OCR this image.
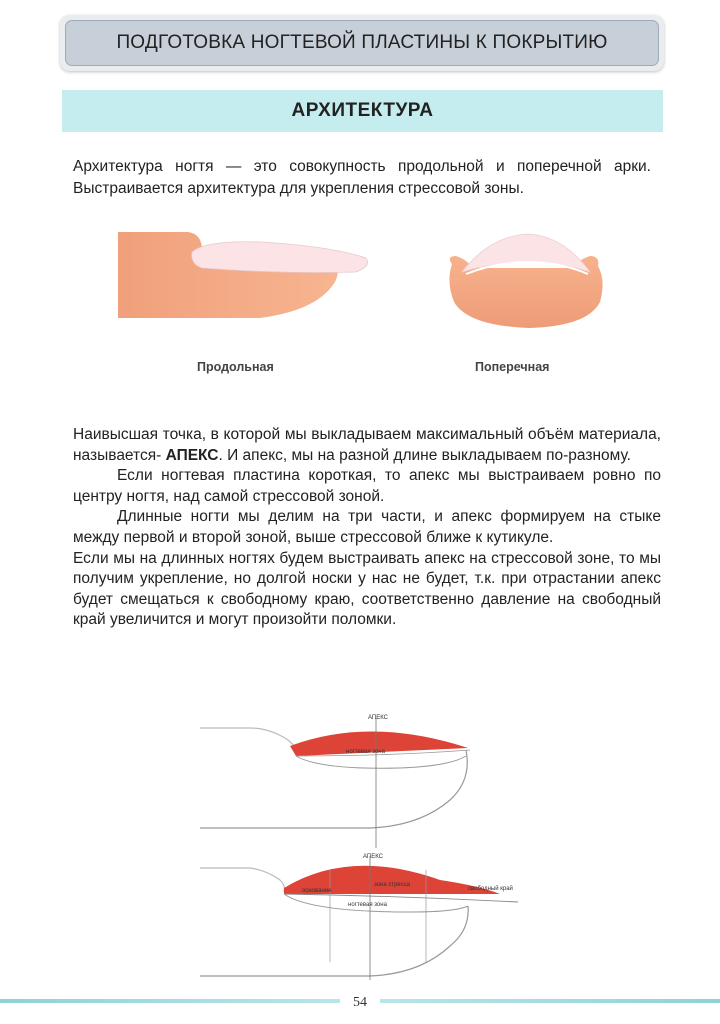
ПОДГОТОВКА НОГТЕВОЙ ПЛАСТИНЫ К ПОКРЫТИЮ
АРХИТЕКТУРА
Архитектура ногтя — это совокупность продольной и поперечной арки. Выстраивается архитектура для укрепления стрессовой зоны.
Продольная	Поперечная

Наивысшая точка, в которой мы выкладываем максимальный объём материала, называется- АПЕКС. И апекс, мы на разной длине выкладываем по-разному.

Если ногтевая пластина короткая, то апекс мы выстраиваем ровно по центру ногтя, над самой стрессовой зоной.

Длинные ногти мы делим на три части, и апекс формируем на стыке между первой и второй зоной, выше стрессовой ближе к кутикуле.

Если мы на длинных ногтях будем выстраивать апекс на стрессовой зоне, то мы получим укрепление, но долгой носки у нас не будет, т.к. при отрастании апекс будет смещаться к свободному краю, соответственно давление на свободный край увеличится и могут произойти поломки.

АПЕКС
ногтевая зона
АПЕКС
основание
зона стресса
свободный край
ногтевая зона
54
